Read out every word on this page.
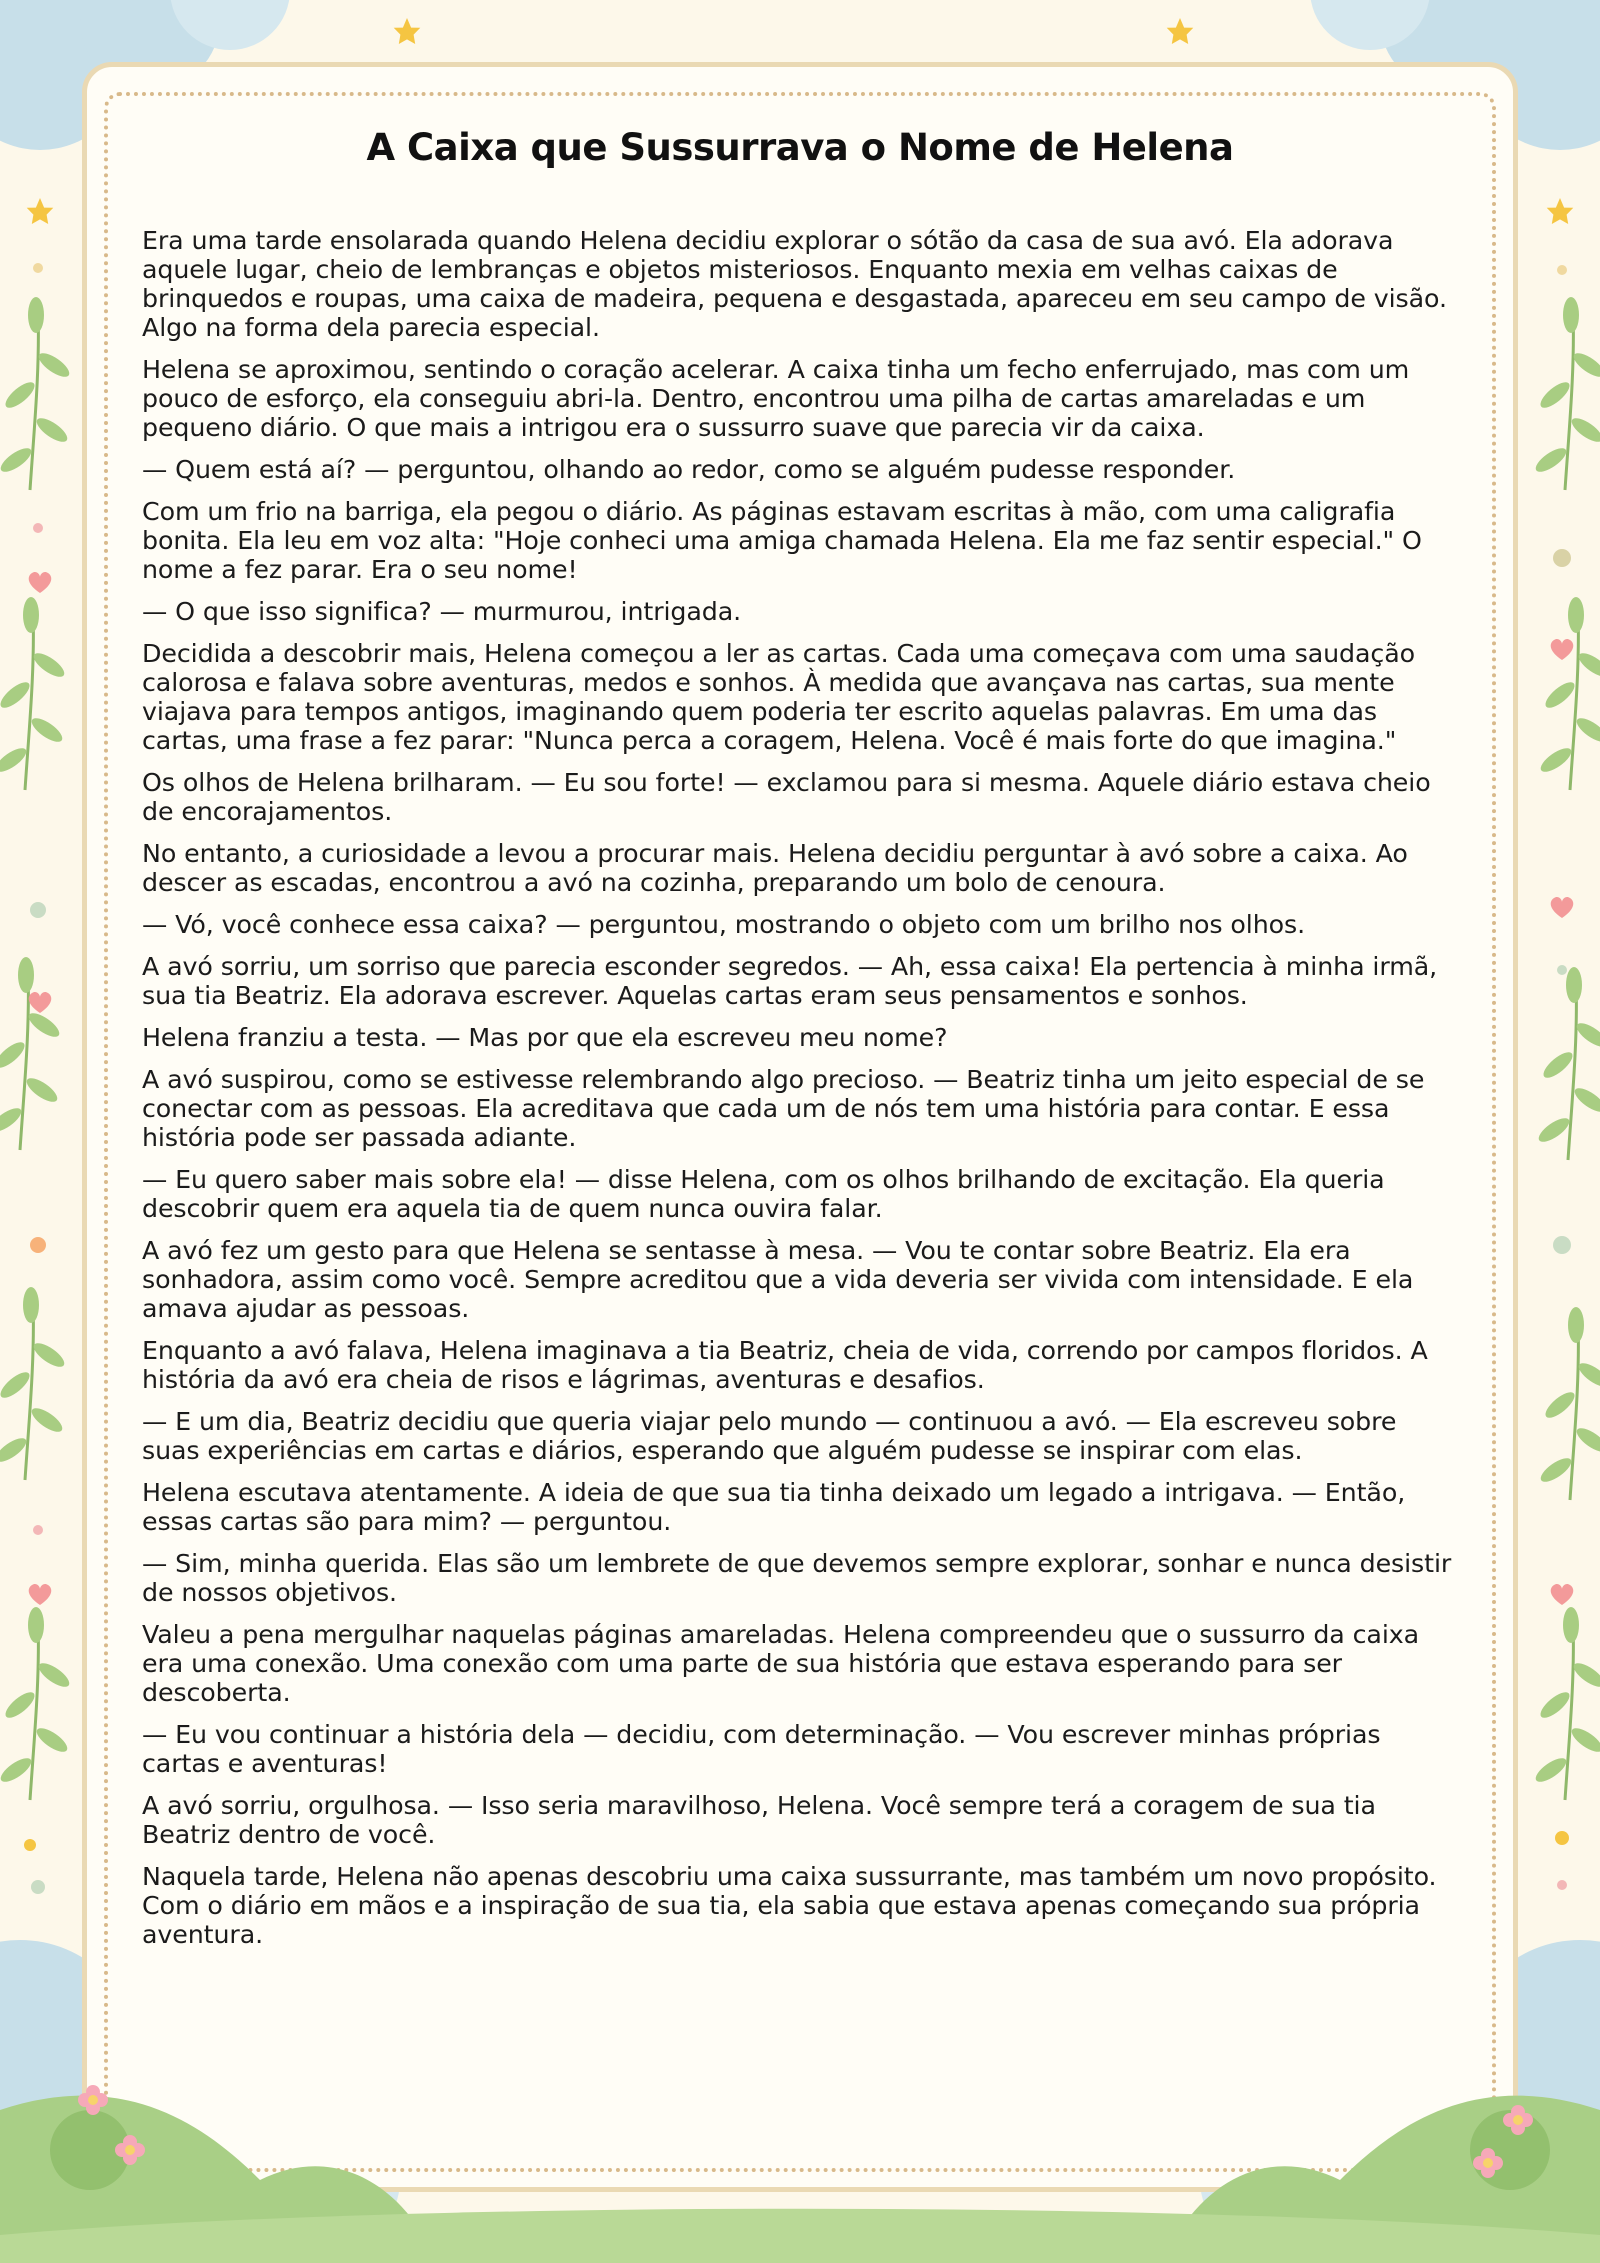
A Caixa que Sussurrava o Nome de Helena

Era uma tarde ensolarada quando Helena decidiu explorar o sótão da casa de sua avó. Ela adorava aquele lugar, cheio de lembranças e objetos misteriosos. Enquanto mexia em velhas caixas de brinquedos e roupas, uma caixa de madeira, pequena e desgastada, apareceu em seu campo de visão. Algo na forma dela parecia especial.

Helena se aproximou, sentindo o coração acelerar. A caixa tinha um fecho enferrujado, mas com um pouco de esforço, ela conseguiu abri-la. Dentro, encontrou uma pilha de cartas amareladas e um pequeno diário. O que mais a intrigou era o sussurro suave que parecia vir da caixa.

— Quem está aí? — perguntou, olhando ao redor, como se alguém pudesse responder.

Com um frio na barriga, ela pegou o diário. As páginas estavam escritas à mão, com uma caligrafia bonita. Ela leu em voz alta: "Hoje conheci uma amiga chamada Helena. Ela me faz sentir especial." O nome a fez parar. Era o seu nome!

— O que isso significa? — murmurou, intrigada.

Decidida a descobrir mais, Helena começou a ler as cartas. Cada uma começava com uma saudação calorosa e falava sobre aventuras, medos e sonhos. À medida que avançava nas cartas, sua mente viajava para tempos antigos, imaginando quem poderia ter escrito aquelas palavras. Em uma das cartas, uma frase a fez parar: "Nunca perca a coragem, Helena. Você é mais forte do que imagina."

Os olhos de Helena brilharam. — Eu sou forte! — exclamou para si mesma. Aquele diário estava cheio de encorajamentos.

No entanto, a curiosidade a levou a procurar mais. Helena decidiu perguntar à avó sobre a caixa. Ao descer as escadas, encontrou a avó na cozinha, preparando um bolo de cenoura.

— Vó, você conhece essa caixa? — perguntou, mostrando o objeto com um brilho nos olhos.

A avó sorriu, um sorriso que parecia esconder segredos. — Ah, essa caixa! Ela pertencia à minha irmã, sua tia Beatriz. Ela adorava escrever. Aquelas cartas eram seus pensamentos e sonhos.

Helena franziu a testa. — Mas por que ela escreveu meu nome?

A avó suspirou, como se estivesse relembrando algo precioso. — Beatriz tinha um jeito especial de se conectar com as pessoas. Ela acreditava que cada um de nós tem uma história para contar. E essa história pode ser passada adiante.

— Eu quero saber mais sobre ela! — disse Helena, com os olhos brilhando de excitação. Ela queria descobrir quem era aquela tia de quem nunca ouvira falar.

A avó fez um gesto para que Helena se sentasse à mesa. — Vou te contar sobre Beatriz. Ela era sonhadora, assim como você. Sempre acreditou que a vida deveria ser vivida com intensidade. E ela amava ajudar as pessoas.

Enquanto a avó falava, Helena imaginava a tia Beatriz, cheia de vida, correndo por campos floridos. A história da avó era cheia de risos e lágrimas, aventuras e desafios.

— E um dia, Beatriz decidiu que queria viajar pelo mundo — continuou a avó. — Ela escreveu sobre suas experiências em cartas e diários, esperando que alguém pudesse se inspirar com elas.

Helena escutava atentamente. A ideia de que sua tia tinha deixado um legado a intrigava. — Então, essas cartas são para mim? — perguntou.

— Sim, minha querida. Elas são um lembrete de que devemos sempre explorar, sonhar e nunca desistir de nossos objetivos.

Valeu a pena mergulhar naquelas páginas amareladas. Helena compreendeu que o sussurro da caixa era uma conexão. Uma conexão com uma parte de sua história que estava esperando para ser descoberta.

— Eu vou continuar a história dela — decidiu, com determinação. — Vou escrever minhas próprias cartas e aventuras!

A avó sorriu, orgulhosa. — Isso seria maravilhoso, Helena. Você sempre terá a coragem de sua tia Beatriz dentro de você.

Naquela tarde, Helena não apenas descobriu uma caixa sussurrante, mas também um novo propósito. Com o diário em mãos e a inspiração de sua tia, ela sabia que estava apenas começando sua própria aventura.
